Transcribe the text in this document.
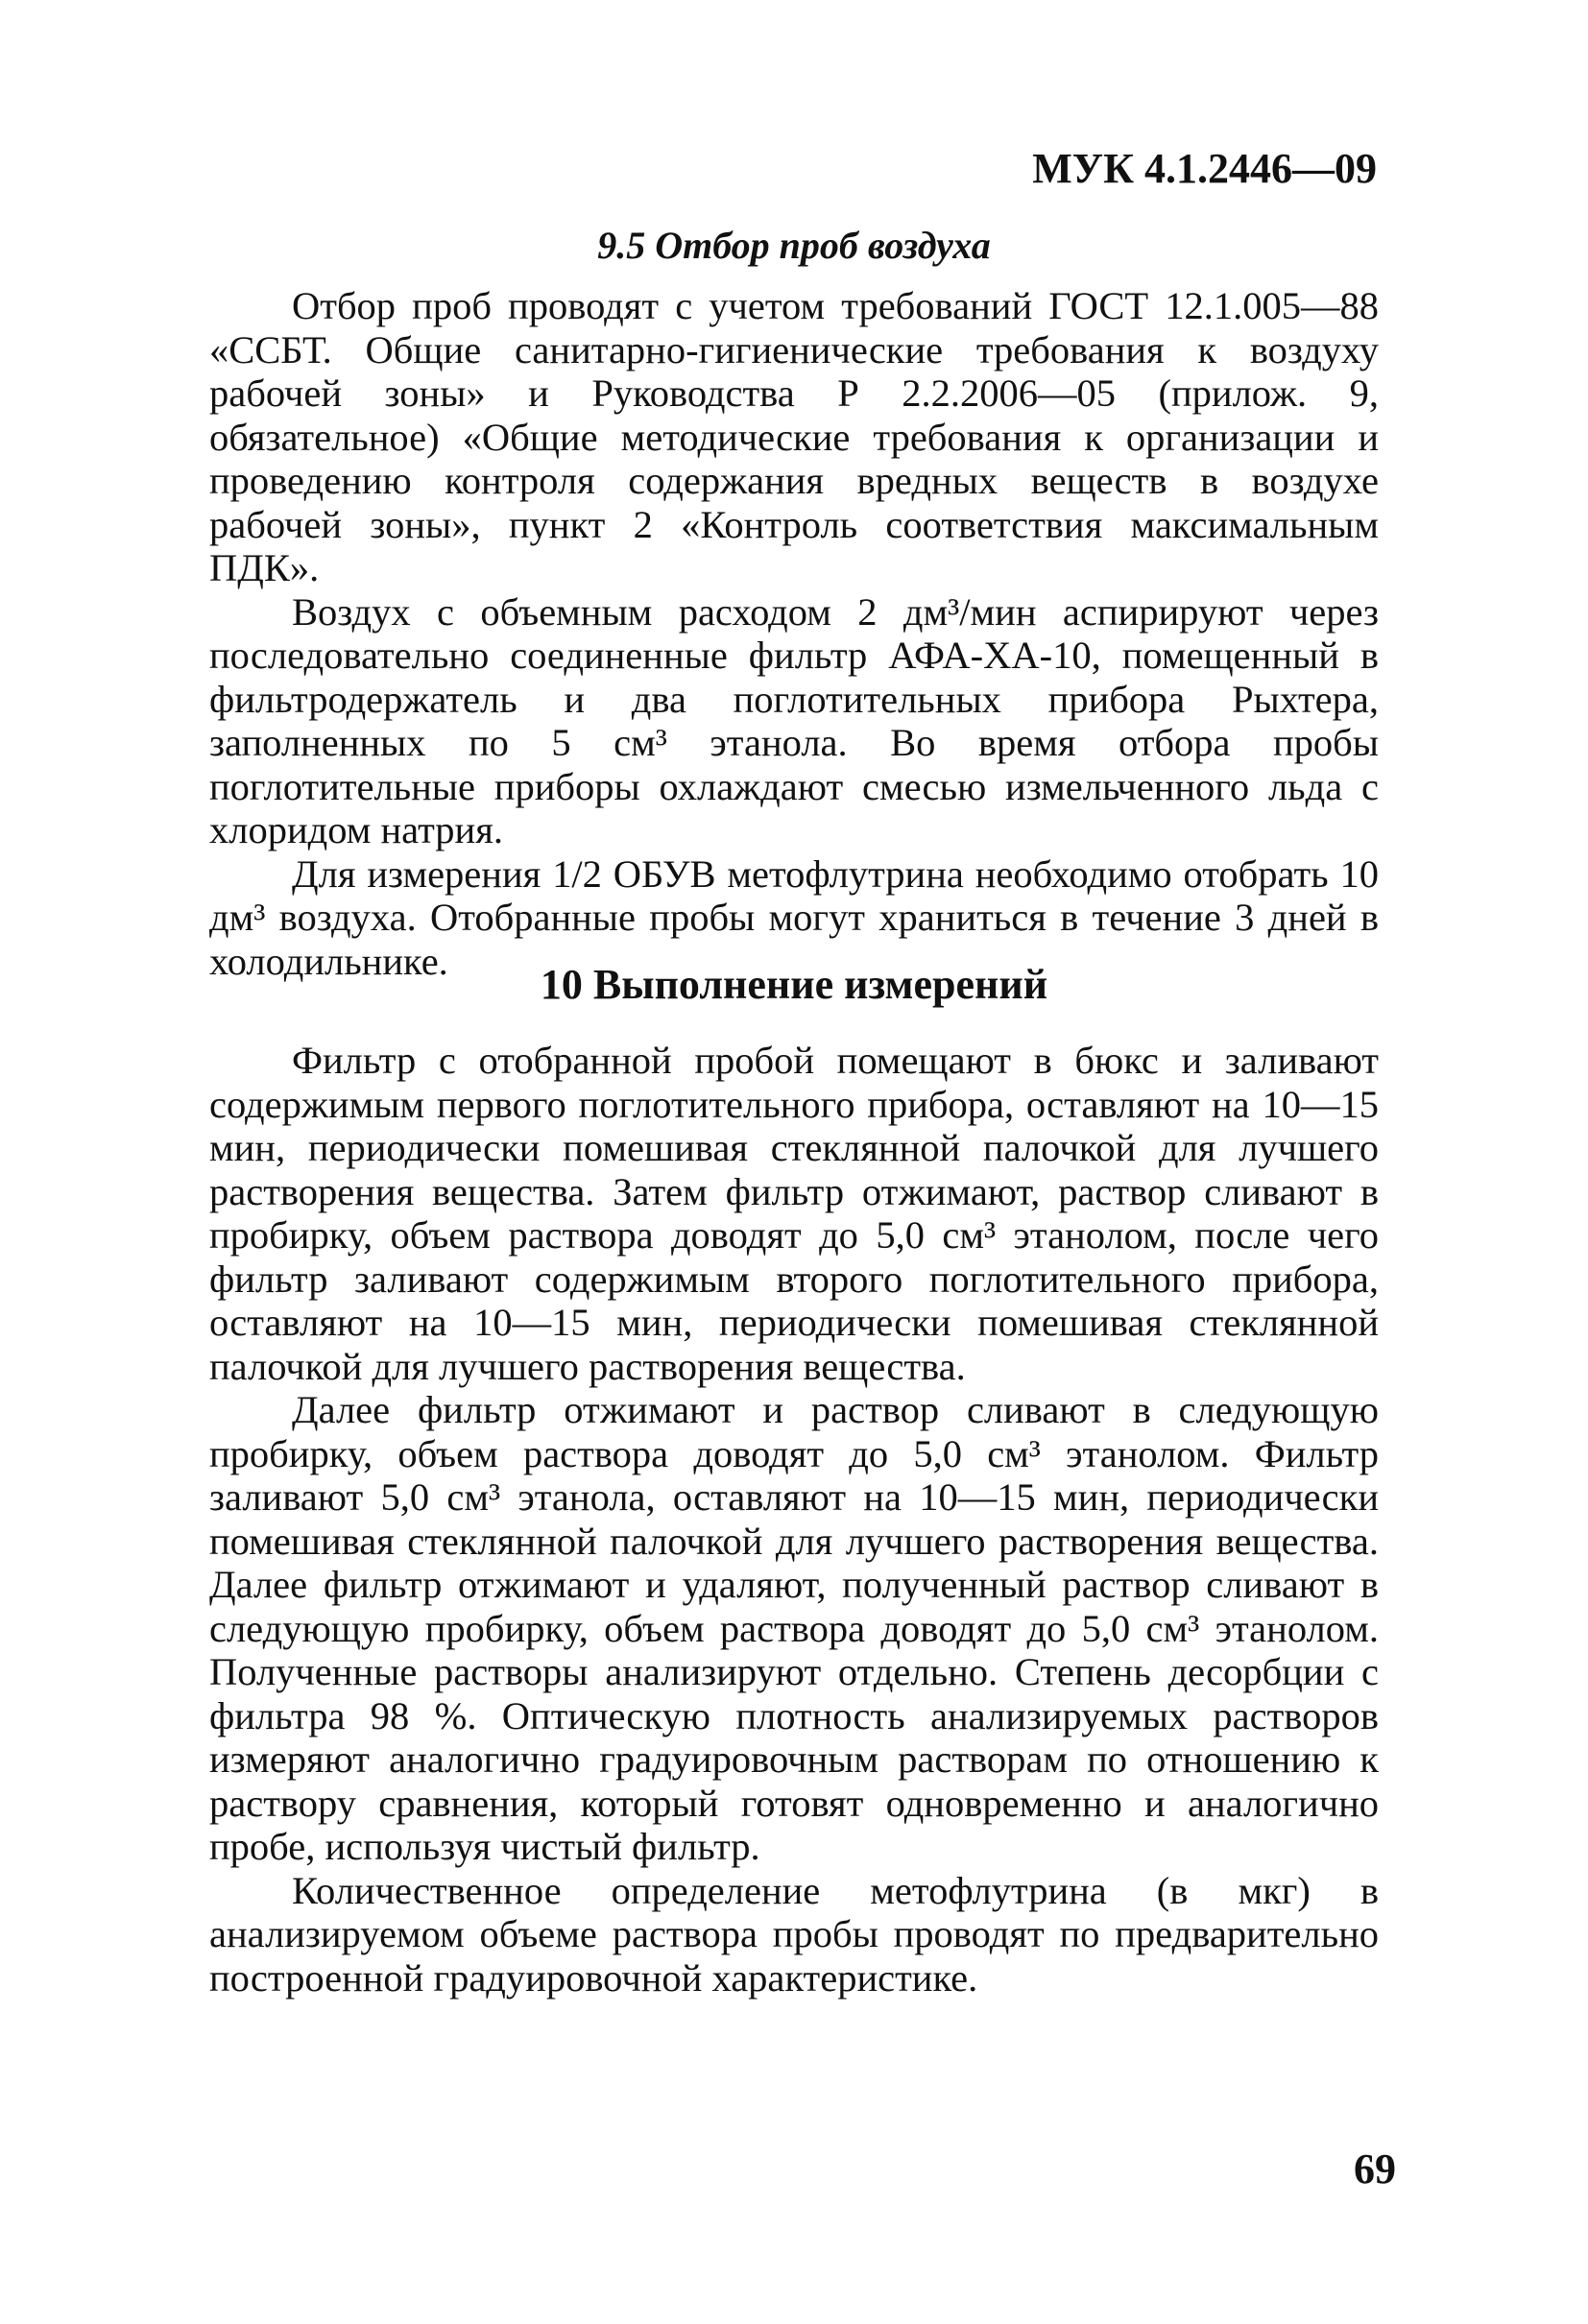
МУК 4.1.2446—09
9.5 Отбор проб воздуха

Отбор проб проводят с учетом требований ГОСТ 12.1.005—88 «ССБТ. Общие санитарно-гигиенические требования к воздуху рабочей зоны» и Руководства Р 2.2.2006—05 (прилож. 9, обязательное) «Общие методические требования к организации и проведению контроля содержания вредных веществ в воздухе рабочей зоны», пункт 2 «Контроль соответствия максимальным ПДК».

Воздух с объемным расходом 2 дм³/мин аспирируют через последовательно соединенные фильтр АФА-ХА-10, помещенный в фильтродержатель и два поглотительных прибора Рыхтера, заполненных по 5 см³ этанола. Во время отбора пробы поглотительные приборы охлаждают смесью измельченного льда с хлоридом натрия.

Для измерения 1/2 ОБУВ метофлутрина необходимо отобрать 10 дм³ воздуха. Отобранные пробы могут храниться в течение 3 дней в холодильнике.	10 Выполнение измерений

Фильтр с отобранной пробой помещают в бюкс и заливают содержимым первого поглотительного прибора, оставляют на 10—15 мин, периодически помешивая стеклянной палочкой для лучшего растворения вещества. Затем фильтр отжимают, раствор сливают в пробирку, объем раствора доводят до 5,0 см³ этанолом, после чего фильтр заливают содержимым второго поглотительного прибора, оставляют на 10—15 мин, периодически помешивая стеклянной палочкой для лучшего растворения вещества.

Далее фильтр отжимают и раствор сливают в следующую пробирку, объем раствора доводят до 5,0 см³ этанолом. Фильтр заливают 5,0 см³ этанола, оставляют на 10—15 мин, периодически помешивая стеклянной палочкой для лучшего растворения вещества. Далее фильтр отжимают и удаляют, полученный раствор сливают в следующую пробирку, объем раствора доводят до 5,0 см³ этанолом. Полученные растворы анализируют отдельно. Степень десорбции с фильтра 98 %. Оптическую плотность анализируемых растворов измеряют аналогично градуировочным растворам по отношению к раствору сравнения, который готовят одновременно и аналогично пробе, используя чистый фильтр.

Количественное определение метофлутрина (в мкг) в анализируемом объеме раствора пробы проводят по предварительно построенной градуировочной характеристике.

69
